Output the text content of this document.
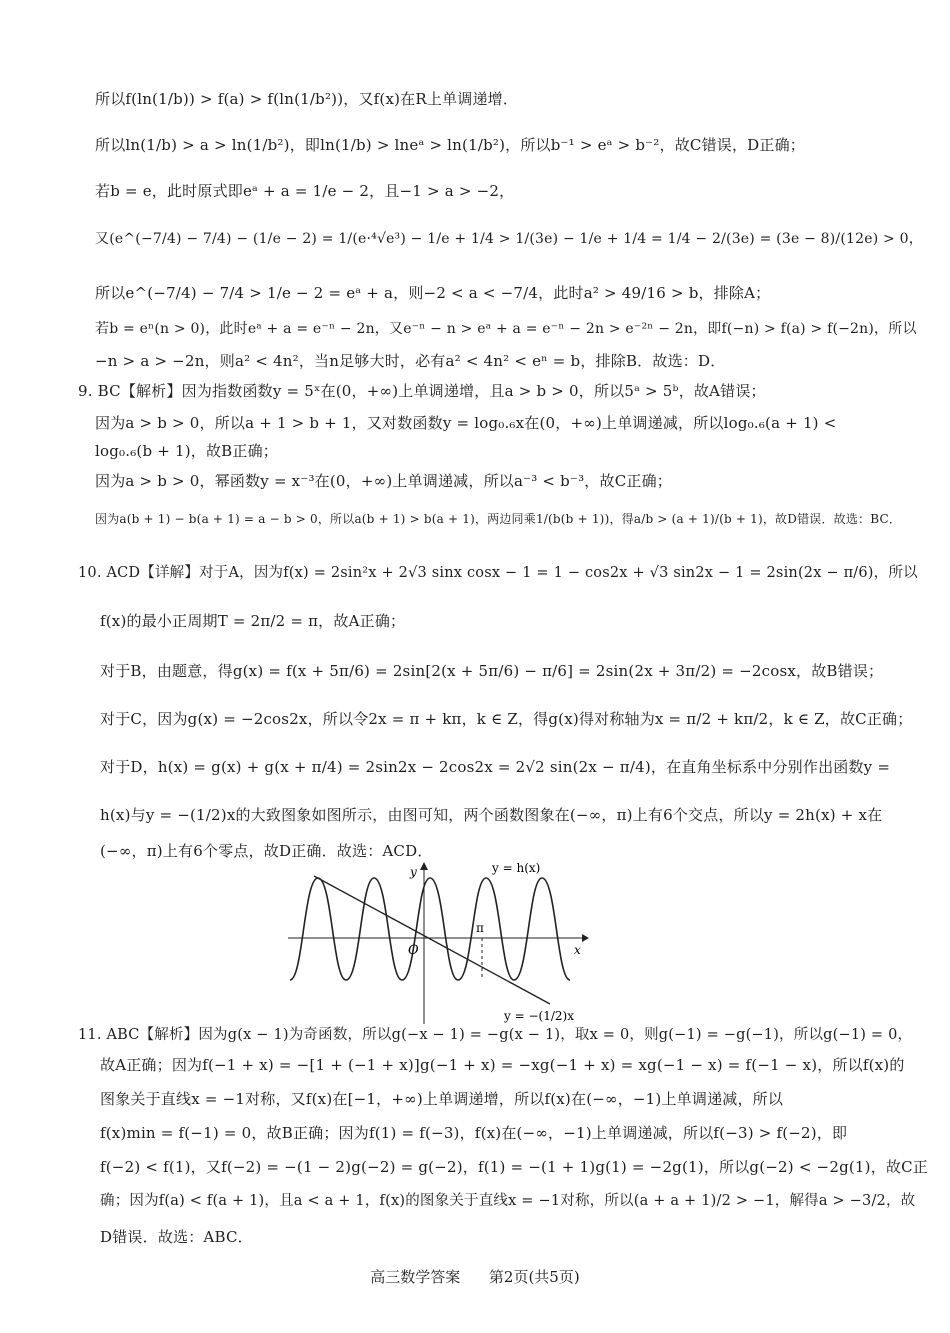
所以f(ln(1/b)) > f(a) > f(ln(1/b²))，又f(x)在R上单调递增．
所以ln(1/b) > a > ln(1/b²)，即ln(1/b) > lneᵃ > ln(1/b²)，所以b⁻¹ > eᵃ > b⁻²，故C错误，D正确；
若b = e，此时原式即eᵃ + a = 1/e − 2，且−1 > a > −2，
又(e^(−7/4) − 7/4) − (1/e − 2) = 1/(e·⁴√e³) − 1/e + 1/4 > 1/(3e) − 1/e + 1/4 = 1/4 − 2/(3e) = (3e − 8)/(12e) > 0，
所以e^(−7/4) − 7/4 > 1/e − 2 = eᵃ + a，则−2 < a < −7/4，此时a² > 49/16 > b，排除A；
若b = eⁿ(n > 0)，此时eᵃ + a = e⁻ⁿ − 2n，又e⁻ⁿ − n > eᵃ + a = e⁻ⁿ − 2n > e⁻²ⁿ − 2n，即f(−n) > f(a) > f(−2n)，所以
−n > a > −2n，则a² < 4n²，当n足够大时，必有a² < 4n² < eⁿ = b，排除B．故选：D．
9. BC【解析】因为指数函数y = 5ˣ在(0，+∞)上单调递增，且a > b > 0，所以5ᵃ > 5ᵇ，故A错误；
因为a > b > 0，所以a + 1 > b + 1，又对数函数y = log₀.₆x在(0，+∞)上单调递减，所以log₀.₆(a + 1) <
log₀.₆(b + 1)，故B正确；
因为a > b > 0，幂函数y = x⁻³在(0，+∞)上单调递减，所以a⁻³ < b⁻³，故C正确；
因为a(b + 1) − b(a + 1) = a − b > 0，所以a(b + 1) > b(a + 1)，两边同乘1/(b(b + 1))，得a/b > (a + 1)/(b + 1)，故D错误．故选：BC．
10. ACD【详解】对于A，因为f(x) = 2sin²x + 2√3 sinx cosx − 1 = 1 − cos2x + √3 sin2x − 1 = 2sin(2x − π/6)，所以
f(x)的最小正周期T = 2π/2 = π，故A正确；
对于B，由题意，得g(x) = f(x + 5π/6) = 2sin[2(x + 5π/6) − π/6] = 2sin(2x + 3π/2) = −2cosx，故B错误；
对于C，因为g(x) = −2cos2x，所以令2x = π + kπ，k ∈ Z，得g(x)得对称轴为x = π/2 + kπ/2，k ∈ Z，故C正确；
对于D，h(x) = g(x) + g(x + π/4) = 2sin2x − 2cos2x = 2√2 sin(2x − π/4)，在直角坐标系中分别作出函数y =
h(x)与y = −(1/2)x的大致图象如图所示，由图可知，两个函数图象在(−∞，π)上有6个交点，所以y = 2h(x) + x在
(−∞，π)上有6个零点，故D正确．故选：ACD．
y
x
O
π
y = h(x)
y = −(1/2)x
11. ABC【解析】因为g(x − 1)为奇函数，所以g(−x − 1) = −g(x − 1)，取x = 0，则g(−1) = −g(−1)，所以g(−1) = 0，
故A正确；因为f(−1 + x) = −[1 + (−1 + x)]g(−1 + x) = −xg(−1 + x) = xg(−1 − x) = f(−1 − x)，所以f(x)的
图象关于直线x = −1对称，又f(x)在[−1，+∞)上单调递增，所以f(x)在(−∞，−1)上单调递减，所以
f(x)min = f(−1) = 0，故B正确；因为f(1) = f(−3)，f(x)在(−∞，−1)上单调递减，所以f(−3) > f(−2)，即
f(−2) < f(1)，又f(−2) = −(1 − 2)g(−2) = g(−2)，f(1) = −(1 + 1)g(1) = −2g(1)，所以g(−2) < −2g(1)，故C正
确；因为f(a) < f(a + 1)，且a < a + 1，f(x)的图象关于直线x = −1对称，所以(a + a + 1)/2 > −1，解得a > −3/2，故
D错误．故选：ABC．
高三数学答案 第2页(共5页)
